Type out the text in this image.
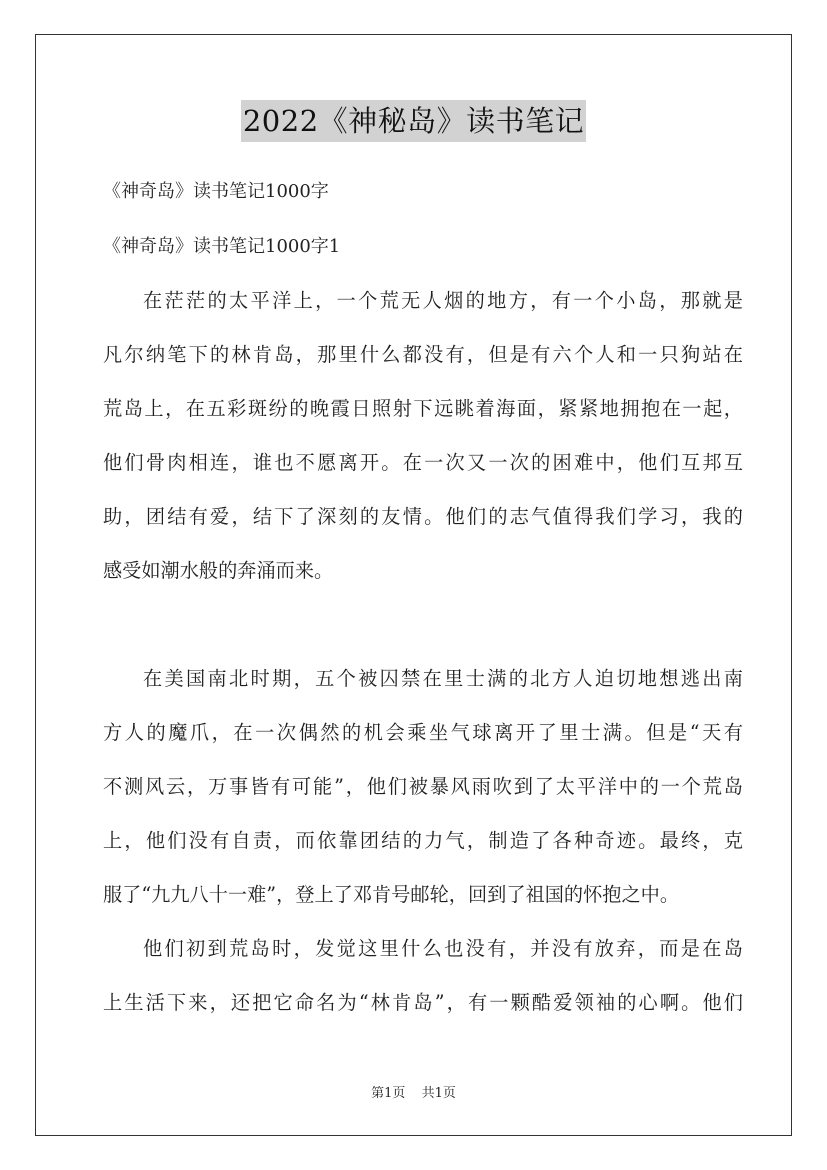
2022《神秘岛》读书笔记
《神奇岛》读书笔记1000字
《神奇岛》读书笔记1000字1
在茫茫的太平洋上，一个荒无人烟的地方，有一个小岛，那就是
凡尔纳笔下的林肯岛，那里什么都没有，但是有六个人和一只狗站在
荒岛上，在五彩斑纷的晚霞日照射下远眺着海面，紧紧地拥抱在一起，
他们骨肉相连，谁也不愿离开。在一次又一次的困难中，他们互邦互
助，团结有爱，结下了深刻的友情。他们的志气值得我们学习，我的
感受如潮水般的奔涌而来。
在美国南北时期，五个被囚禁在里士满的北方人迫切地想逃出南
方人的魔爪，在一次偶然的机会乘坐气球离开了里士满。但是“天有
不测风云，万事皆有可能”，他们被暴风雨吹到了太平洋中的一个荒岛
上，他们没有自责，而依靠团结的力气，制造了各种奇迹。最终，克
服了“九九八十一难”，登上了邓肯号邮轮，回到了祖国的怀抱之中。
他们初到荒岛时，发觉这里什么也没有，并没有放弃，而是在岛
上生活下来，还把它命名为“林肯岛”，有一颗酷爱领袖的心啊。他们
第1页 共1页
